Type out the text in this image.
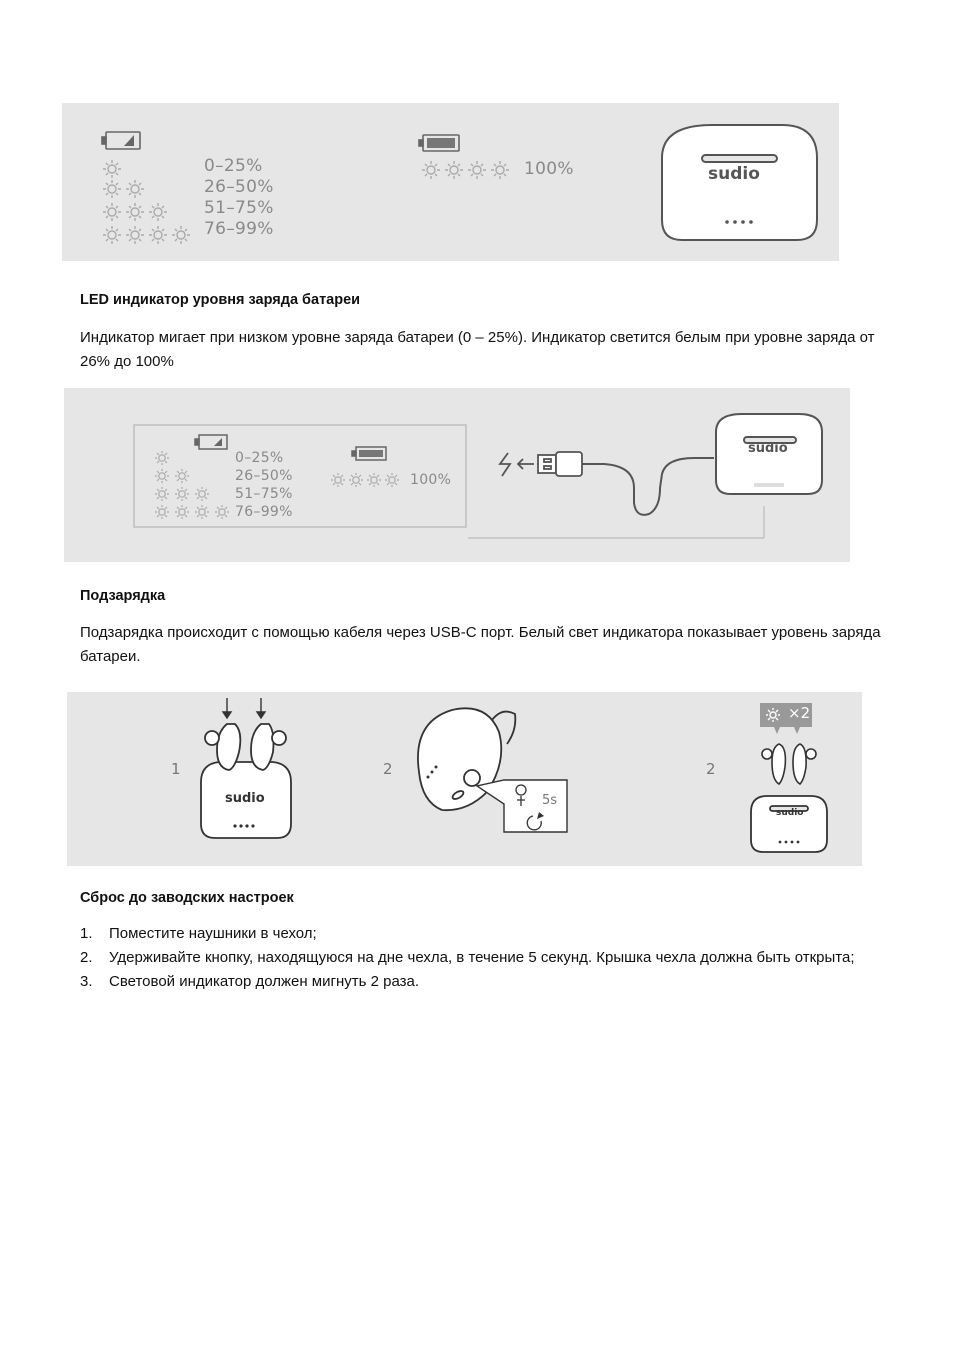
0–25%
26–50%
51–75%
76–99%
100%	sudio
LED индикатор уровня заряда батареи
Индикатор мигает при низком уровне заряда батареи (0 – 25%). Индикатор светится белым при уровне заряда от 26% до 100%
0–25%
26–50%
51–75%
76–99%
100%
sudio
Подзарядка
Подзарядка происходит с помощью кабеля через USB-C порт. Белый свет индикатора показывает уровень заряда батареи.
1	2	2
sudio
sudio
5s
×2
Сброс до заводских настроек
1. Поместите наушники в чехол;
2. Удерживайте кнопку, находящуюся на дне чехла, в течение 5 секунд. Крышка чехла должна быть открыта;
3. Световой индикатор должен мигнуть 2 раза.
